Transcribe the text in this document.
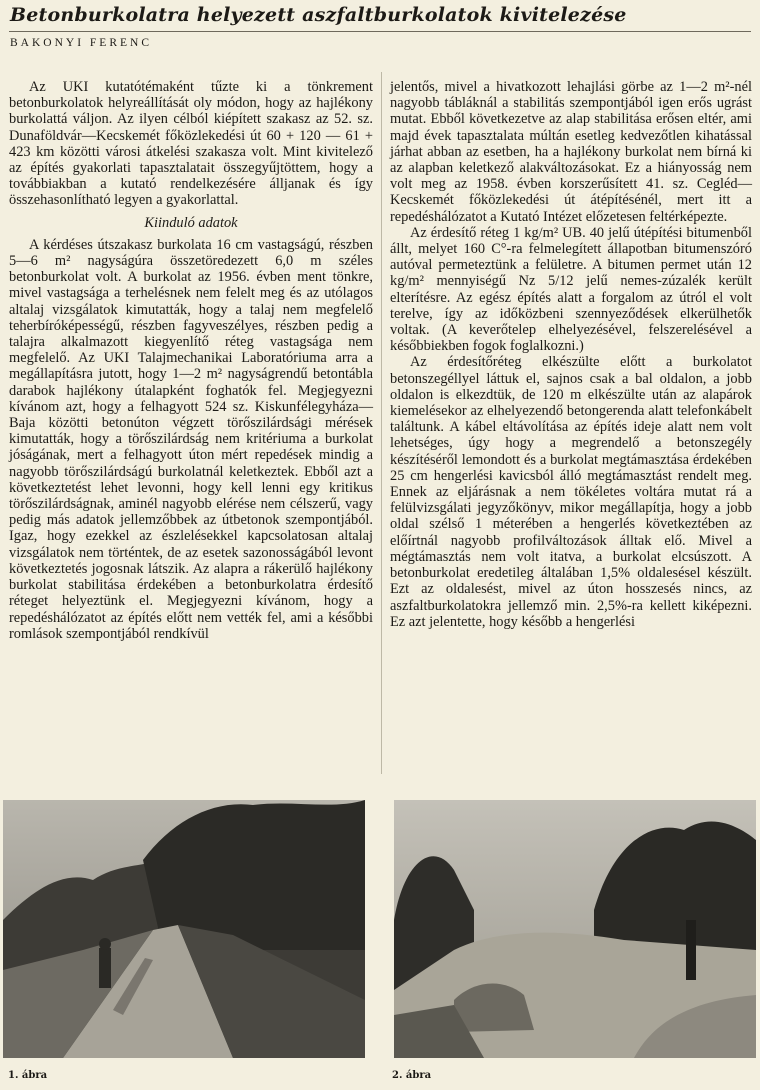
Betonburkolatra helyezett aszfaltburkolatok kivitelezése
BAKONYI FERENC

Az UKI kutatótémaként tűzte ki a tönkrement betonburkolatok helyreállítását oly módon, hogy az hajlékony burkolattá váljon. Az ilyen célból kiépített szakasz az 52. sz. Dunaföldvár—Kecskemét főközlekedési út 60 + 120 — 61 + 423 km közötti városi átkelési szakasza volt. Mint kivitelező az építés gyakorlati tapasztalatait összegyűjtöttem, hogy a továbbiakban a kutató rendelkezésére álljanak és így összehasonlítható legyen a gyakorlattal.

Kiinduló adatok

A kérdéses útszakasz burkolata 16 cm vastagságú, részben 5—6 m² nagyságúra összetöredezett 6,0 m széles betonburkolat volt. A burkolat az 1956. évben ment tönkre, mivel vastagsága a terhelésnek nem felelt meg és az utólagos altalaj vizsgálatok kimutatták, hogy a talaj nem megfelelő teherbíróképességű, részben fagyveszélyes, részben pedig a talajra alkalmazott kiegyenlítő réteg vastagsága nem megfelelő. Az UKI Talajmechanikai Laboratóriuma arra a megállapításra jutott, hogy 1—2 m² nagyságrendű betontábla darabok hajlékony útalapként foghatók fel. Megjegyezni kívánom azt, hogy a felhagyott 524 sz. Kiskunfélegyháza—Baja közötti betonúton végzett törőszilárdsági mérések kimutatták, hogy a törőszilárdság nem kritériuma a burkolat jóságának, mert a felhagyott úton mért repedések mindig a nagyobb törőszilárdságú burkolatnál keletkeztek. Ebből azt a következtetést lehet levonni, hogy kell lenni egy kritikus törőszilárdságnak, aminél nagyobb elérése nem célszerű, vagy pedig más adatok jellemzőbbek az útbetonok szempontjából. Igaz, hogy ezekkel az észlelésekkel kapcsolatosan altalaj vizsgálatok nem történtek, de az esetek sazonosságából levont következtetés jogosnak látszik. Az alapra a rákerülő hajlékony burkolat stabilitása érdekében a betonburkolatra érdesítő réteget helyeztünk el. Megjegyezni kívánom, hogy a repedéshálózatot az építés előtt nem vették fel, ami a későbbi romlások szempontjából rendkívül

jelentős, mivel a hivatkozott lehajlási görbe az 1—2 m²-nél nagyobb tábláknál a stabilitás szempontjából igen erős ugrást mutat. Ebből következetve az alap stabilitása erősen eltér, ami majd évek tapasztalata múltán esetleg kedvezőtlen kihatással járhat abban az esetben, ha a hajlékony burkolat nem bírná ki az alapban keletkező alakváltozásokat. Ez a hiányosság nem volt meg az 1958. évben korszerűsített 41. sz. Cegléd—Kecskemét főközlekedési út átépítésénél, mert itt a repedéshálózatot a Kutató Intézet előzetesen feltérképezte.

Az érdesítő réteg 1 kg/m² UB. 40 jelű útépítési bitumenből állt, melyet 160 C°-ra felmelegített állapotban bitumenszóró autóval permeteztünk a felületre. A bitumen permet után 12 kg/m² mennyiségű Nz 5/12 jelű nemes-zúzalék került elterítésre. Az egész építés alatt a forgalom az útról el volt terelve, így az időközbeni szennyeződések elkerülhetők voltak. (A keverőtelep elhelyezésével, felszerelésével a későbbiekben fogok foglalkozni.)

Az érdesítőréteg elkészülte előtt a burkolatot betonszegéllyel láttuk el, sajnos csak a bal oldalon, a jobb oldalon is elkezdtük, de 120 m elkészülte után az alapárok kiemelésekor az elhelyezendő betongerenda alatt telefonkábelt találtunk. A kábel eltávolítása az építés ideje alatt nem volt lehetséges, úgy hogy a megrendelő a betonszegély készítéséről lemondott és a burkolat megtámasztása érdekében 25 cm hengerlési kavicsból álló megtámasztást rendelt meg. Ennek az eljárásnak a nem tökéletes voltára mutat rá a felülvizsgálati jegyzőkönyv, mikor megállapítja, hogy a jobb oldal szélső 1 méterében a hengerlés következtében az előírtnál nagyobb profilváltozások álltak elő. Mivel a mégtámasztás nem volt itatva, a burkolat elcsúszott. A betonburkolat eredetileg általában 1,5% oldalesésel készült. Ezt az oldalesést, mivel az úton hosszesés nincs, az aszfaltburkolatokra jellemző min. 2,5%-ra kellett kiképezni. Ez azt jelentette, hogy később a hengerlési

1. ábra	2. ábra
